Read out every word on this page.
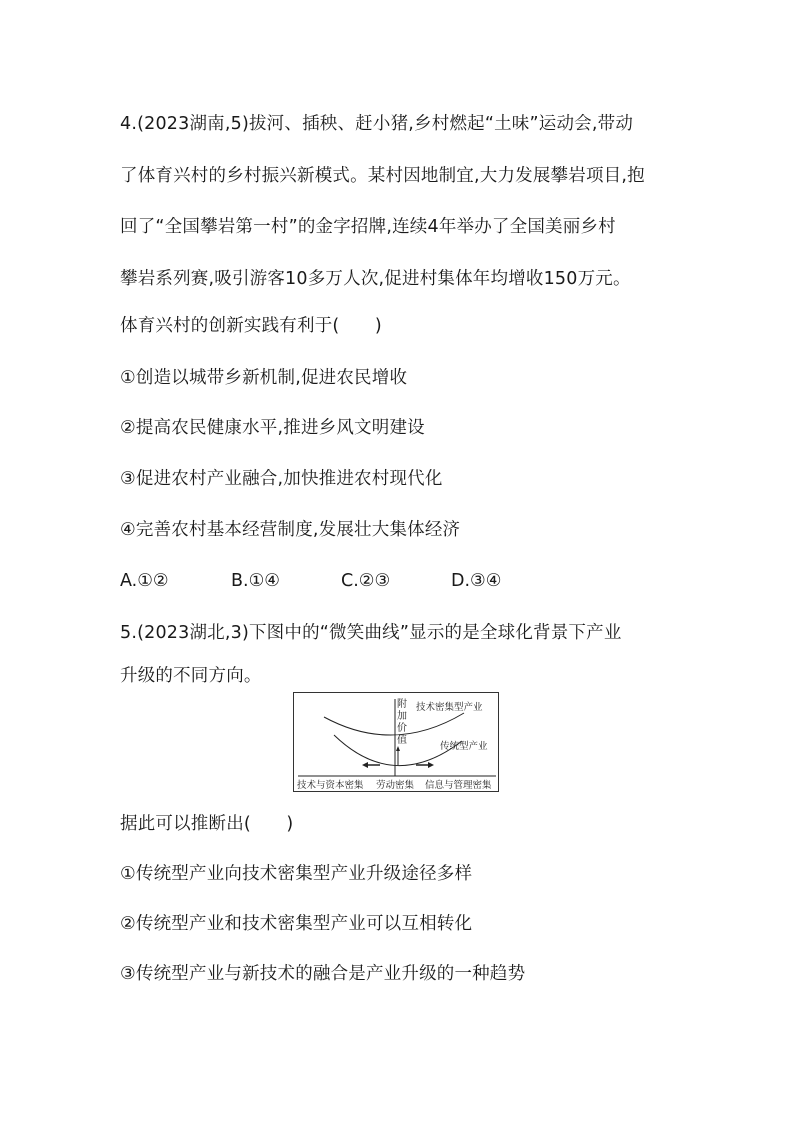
4.(2023湖南,5)拔河、插秧、赶小猪,乡村燃起“土味”运动会,带动
了体育兴村的乡村振兴新模式。某村因地制宜,大力发展攀岩项目,抱
回了“全国攀岩第一村”的金字招牌,连续4年举办了全国美丽乡村
攀岩系列赛,吸引游客10多万人次,促进村集体年均增收150万元。
体育兴村的创新实践有利于(　　)
①创造以城带乡新机制,促进农民增收
②提高农民健康水平,推进乡风文明建设
③促进农村产业融合,加快推进农村现代化
④完善农村基本经营制度,发展壮大集体经济
A.①②	B.①④	C.②③	D.③④
5.(2023湖北,3)下图中的“微笑曲线”显示的是全球化背景下产业
升级的不同方向。
附
加
价
值
技术密集型产业
传统型产业
技术与资本密集 劳动密集 信息与管理密集
据此可以推断出(　　)
①传统型产业向技术密集型产业升级途径多样
②传统型产业和技术密集型产业可以互相转化
③传统型产业与新技术的融合是产业升级的一种趋势
